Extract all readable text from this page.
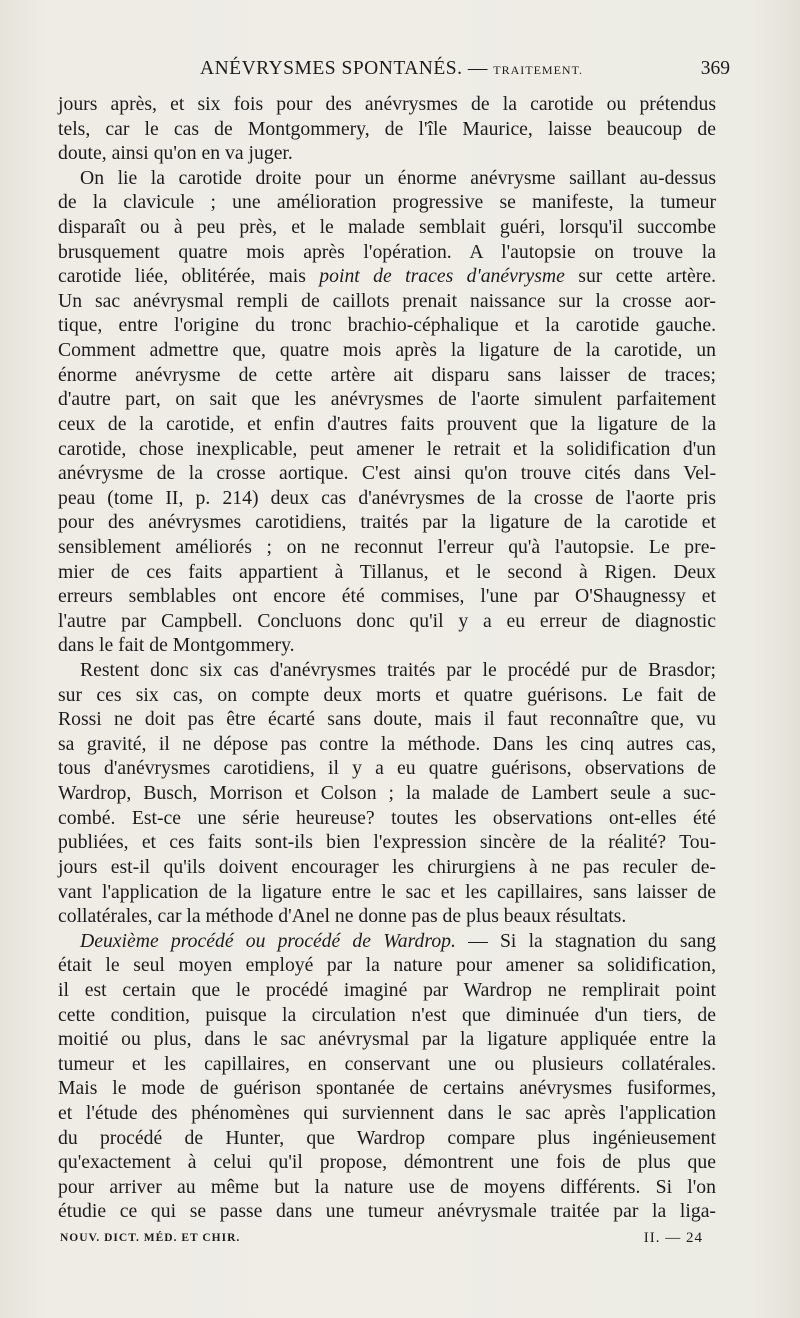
ANÉVRYSMES SPONTANÉS. — TRAITEMENT.	369
jours après, et six fois pour des anévrysmes de la carotide ou prétendus
tels, car le cas de Montgommery, de l'île Maurice, laisse beaucoup de
doute, ainsi qu'on en va juger.
On lie la carotide droite pour un énorme anévrysme saillant au-dessus
de la clavicule ; une amélioration progressive se manifeste, la tumeur
disparaît ou à peu près, et le malade semblait guéri, lorsqu'il succombe
brusquement quatre mois après l'opération. A l'autopsie on trouve la
carotide liée, oblitérée, mais point de traces d'anévrysme sur cette artère.
Un sac anévrysmal rempli de caillots prenait naissance sur la crosse aor-
tique, entre l'origine du tronc brachio-céphalique et la carotide gauche.
Comment admettre que, quatre mois après la ligature de la carotide, un
énorme anévrysme de cette artère ait disparu sans laisser de traces;
d'autre part, on sait que les anévrysmes de l'aorte simulent parfaitement
ceux de la carotide, et enfin d'autres faits prouvent que la ligature de la
carotide, chose inexplicable, peut amener le retrait et la solidification d'un
anévrysme de la crosse aortique. C'est ainsi qu'on trouve cités dans Vel-
peau (tome II, p. 214) deux cas d'anévrysmes de la crosse de l'aorte pris
pour des anévrysmes carotidiens, traités par la ligature de la carotide et
sensiblement améliorés ; on ne reconnut l'erreur qu'à l'autopsie. Le pre-
mier de ces faits appartient à Tillanus, et le second à Rigen. Deux
erreurs semblables ont encore été commises, l'une par O'Shaugnessy et
l'autre par Campbell. Concluons donc qu'il y a eu erreur de diagnostic
dans le fait de Montgommery.
Restent donc six cas d'anévrysmes traités par le procédé pur de Brasdor;
sur ces six cas, on compte deux morts et quatre guérisons. Le fait de
Rossi ne doit pas être écarté sans doute, mais il faut reconnaître que, vu
sa gravité, il ne dépose pas contre la méthode. Dans les cinq autres cas,
tous d'anévrysmes carotidiens, il y a eu quatre guérisons, observations de
Wardrop, Busch, Morrison et Colson ; la malade de Lambert seule a suc-
combé. Est-ce une série heureuse? toutes les observations ont-elles été
publiées, et ces faits sont-ils bien l'expression sincère de la réalité? Tou-
jours est-il qu'ils doivent encourager les chirurgiens à ne pas reculer de-
vant l'application de la ligature entre le sac et les capillaires, sans laisser de
collatérales, car la méthode d'Anel ne donne pas de plus beaux résultats.
Deuxième procédé ou procédé de Wardrop. — Si la stagnation du sang
était le seul moyen employé par la nature pour amener sa solidification,
il est certain que le procédé imaginé par Wardrop ne remplirait point
cette condition, puisque la circulation n'est que diminuée d'un tiers, de
moitié ou plus, dans le sac anévrysmal par la ligature appliquée entre la
tumeur et les capillaires, en conservant une ou plusieurs collatérales.
Mais le mode de guérison spontanée de certains anévrysmes fusiformes,
et l'étude des phénomènes qui surviennent dans le sac après l'application
du procédé de Hunter, que Wardrop compare plus ingénieusement
qu'exactement à celui qu'il propose, démontrent une fois de plus que
pour arriver au même but la nature use de moyens différents. Si l'on
étudie ce qui se passe dans une tumeur anévrysmale traitée par la liga-
NOUV. DICT. MÉD. ET CHIR.	II. — 24
